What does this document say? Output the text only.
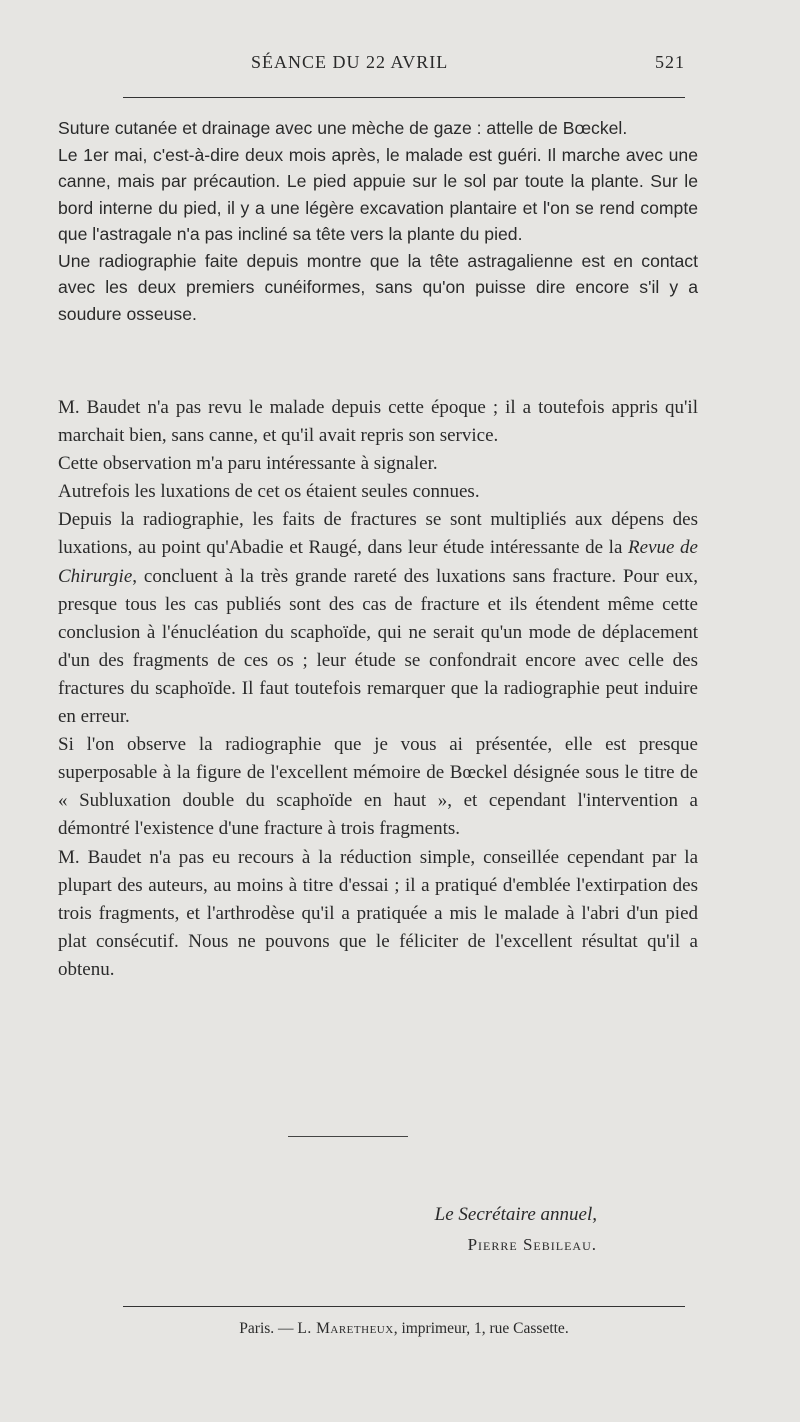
SÉANCE DU 22 AVRIL	521

Suture cutanée et drainage avec une mèche de gaze : attelle de Bœckel.

Le 1er mai, c'est-à-dire deux mois après, le malade est guéri. Il marche avec une canne, mais par précaution. Le pied appuie sur le sol par toute la plante. Sur le bord interne du pied, il y a une légère excavation plantaire et l'on se rend compte que l'astragale n'a pas incliné sa tête vers la plante du pied.

Une radiographie faite depuis montre que la tête astragalienne est en contact avec les deux premiers cunéiformes, sans qu'on puisse dire encore s'il y a soudure osseuse.

M. Baudet n'a pas revu le malade depuis cette époque ; il a toutefois appris qu'il marchait bien, sans canne, et qu'il avait repris son service.

Cette observation m'a paru intéressante à signaler.

Autrefois les luxations de cet os étaient seules connues.

Depuis la radiographie, les faits de fractures se sont multipliés aux dépens des luxations, au point qu'Abadie et Raugé, dans leur étude intéressante de la Revue de Chirurgie, concluent à la très grande rareté des luxations sans fracture. Pour eux, presque tous les cas publiés sont des cas de fracture et ils étendent même cette conclusion à l'énucléation du scaphoïde, qui ne serait qu'un mode de déplacement d'un des fragments de ces os ; leur étude se confondrait encore avec celle des fractures du scaphoïde. Il faut toutefois remarquer que la radiographie peut induire en erreur.

Si l'on observe la radiographie que je vous ai présentée, elle est presque superposable à la figure de l'excellent mémoire de Bœckel désignée sous le titre de « Subluxation double du scaphoïde en haut », et cependant l'intervention a démontré l'existence d'une fracture à trois fragments.

M. Baudet n'a pas eu recours à la réduction simple, conseillée cependant par la plupart des auteurs, au moins à titre d'essai ; il a pratiqué d'emblée l'extirpation des trois fragments, et l'arthrodèse qu'il a pratiquée a mis le malade à l'abri d'un pied plat consécutif. Nous ne pouvons que le féliciter de l'excellent résultat qu'il a obtenu.

Le Secrétaire annuel,
Pierre Sebileau.
Paris. — L. Maretheux, imprimeur, 1, rue Cassette.
